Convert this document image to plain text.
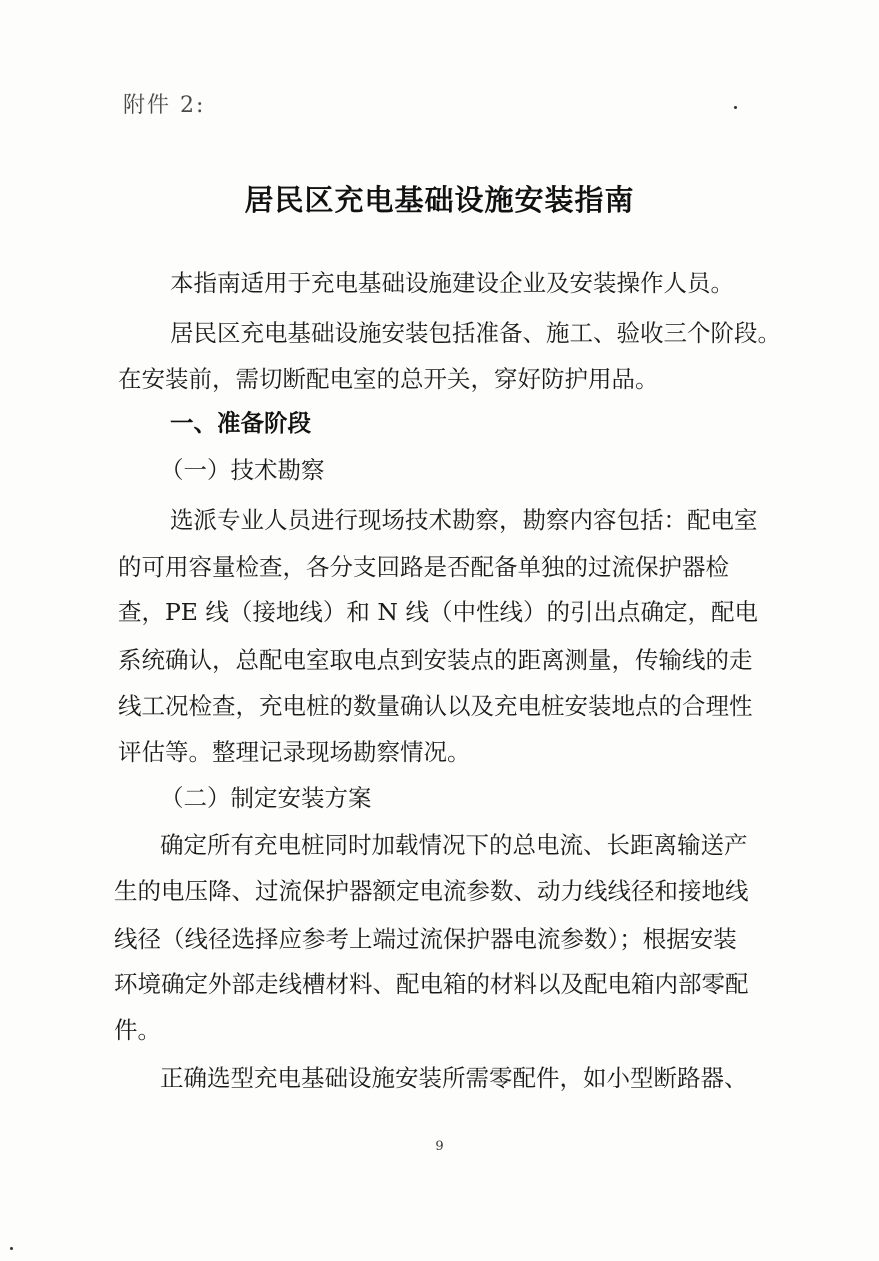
附件 2:
居民区充电基础设施安装指南
本指南适用于充电基础设施建设企业及安装操作人员。
居民区充电基础设施安装包括准备、施工、验收三个阶段。
在安装前，需切断配电室的总开关，穿好防护用品。
一、准备阶段
（一）技术勘察
选派专业人员进行现场技术勘察，勘察内容包括：配电室
的可用容量检查，各分支回路是否配备单独的过流保护器检
查，PE 线（接地线）和 N 线（中性线）的引出点确定，配电
系统确认，总配电室取电点到安装点的距离测量，传输线的走
线工况检查，充电桩的数量确认以及充电桩安装地点的合理性
评估等。整理记录现场勘察情况。
（二）制定安装方案
确定所有充电桩同时加载情况下的总电流、长距离输送产
生的电压降、过流保护器额定电流参数、动力线线径和接地线
线径（线径选择应参考上端过流保护器电流参数）；根据安装
环境确定外部走线槽材料、配电箱的材料以及配电箱内部零配
件。
正确选型充电基础设施安装所需零配件，如小型断路器、
9
